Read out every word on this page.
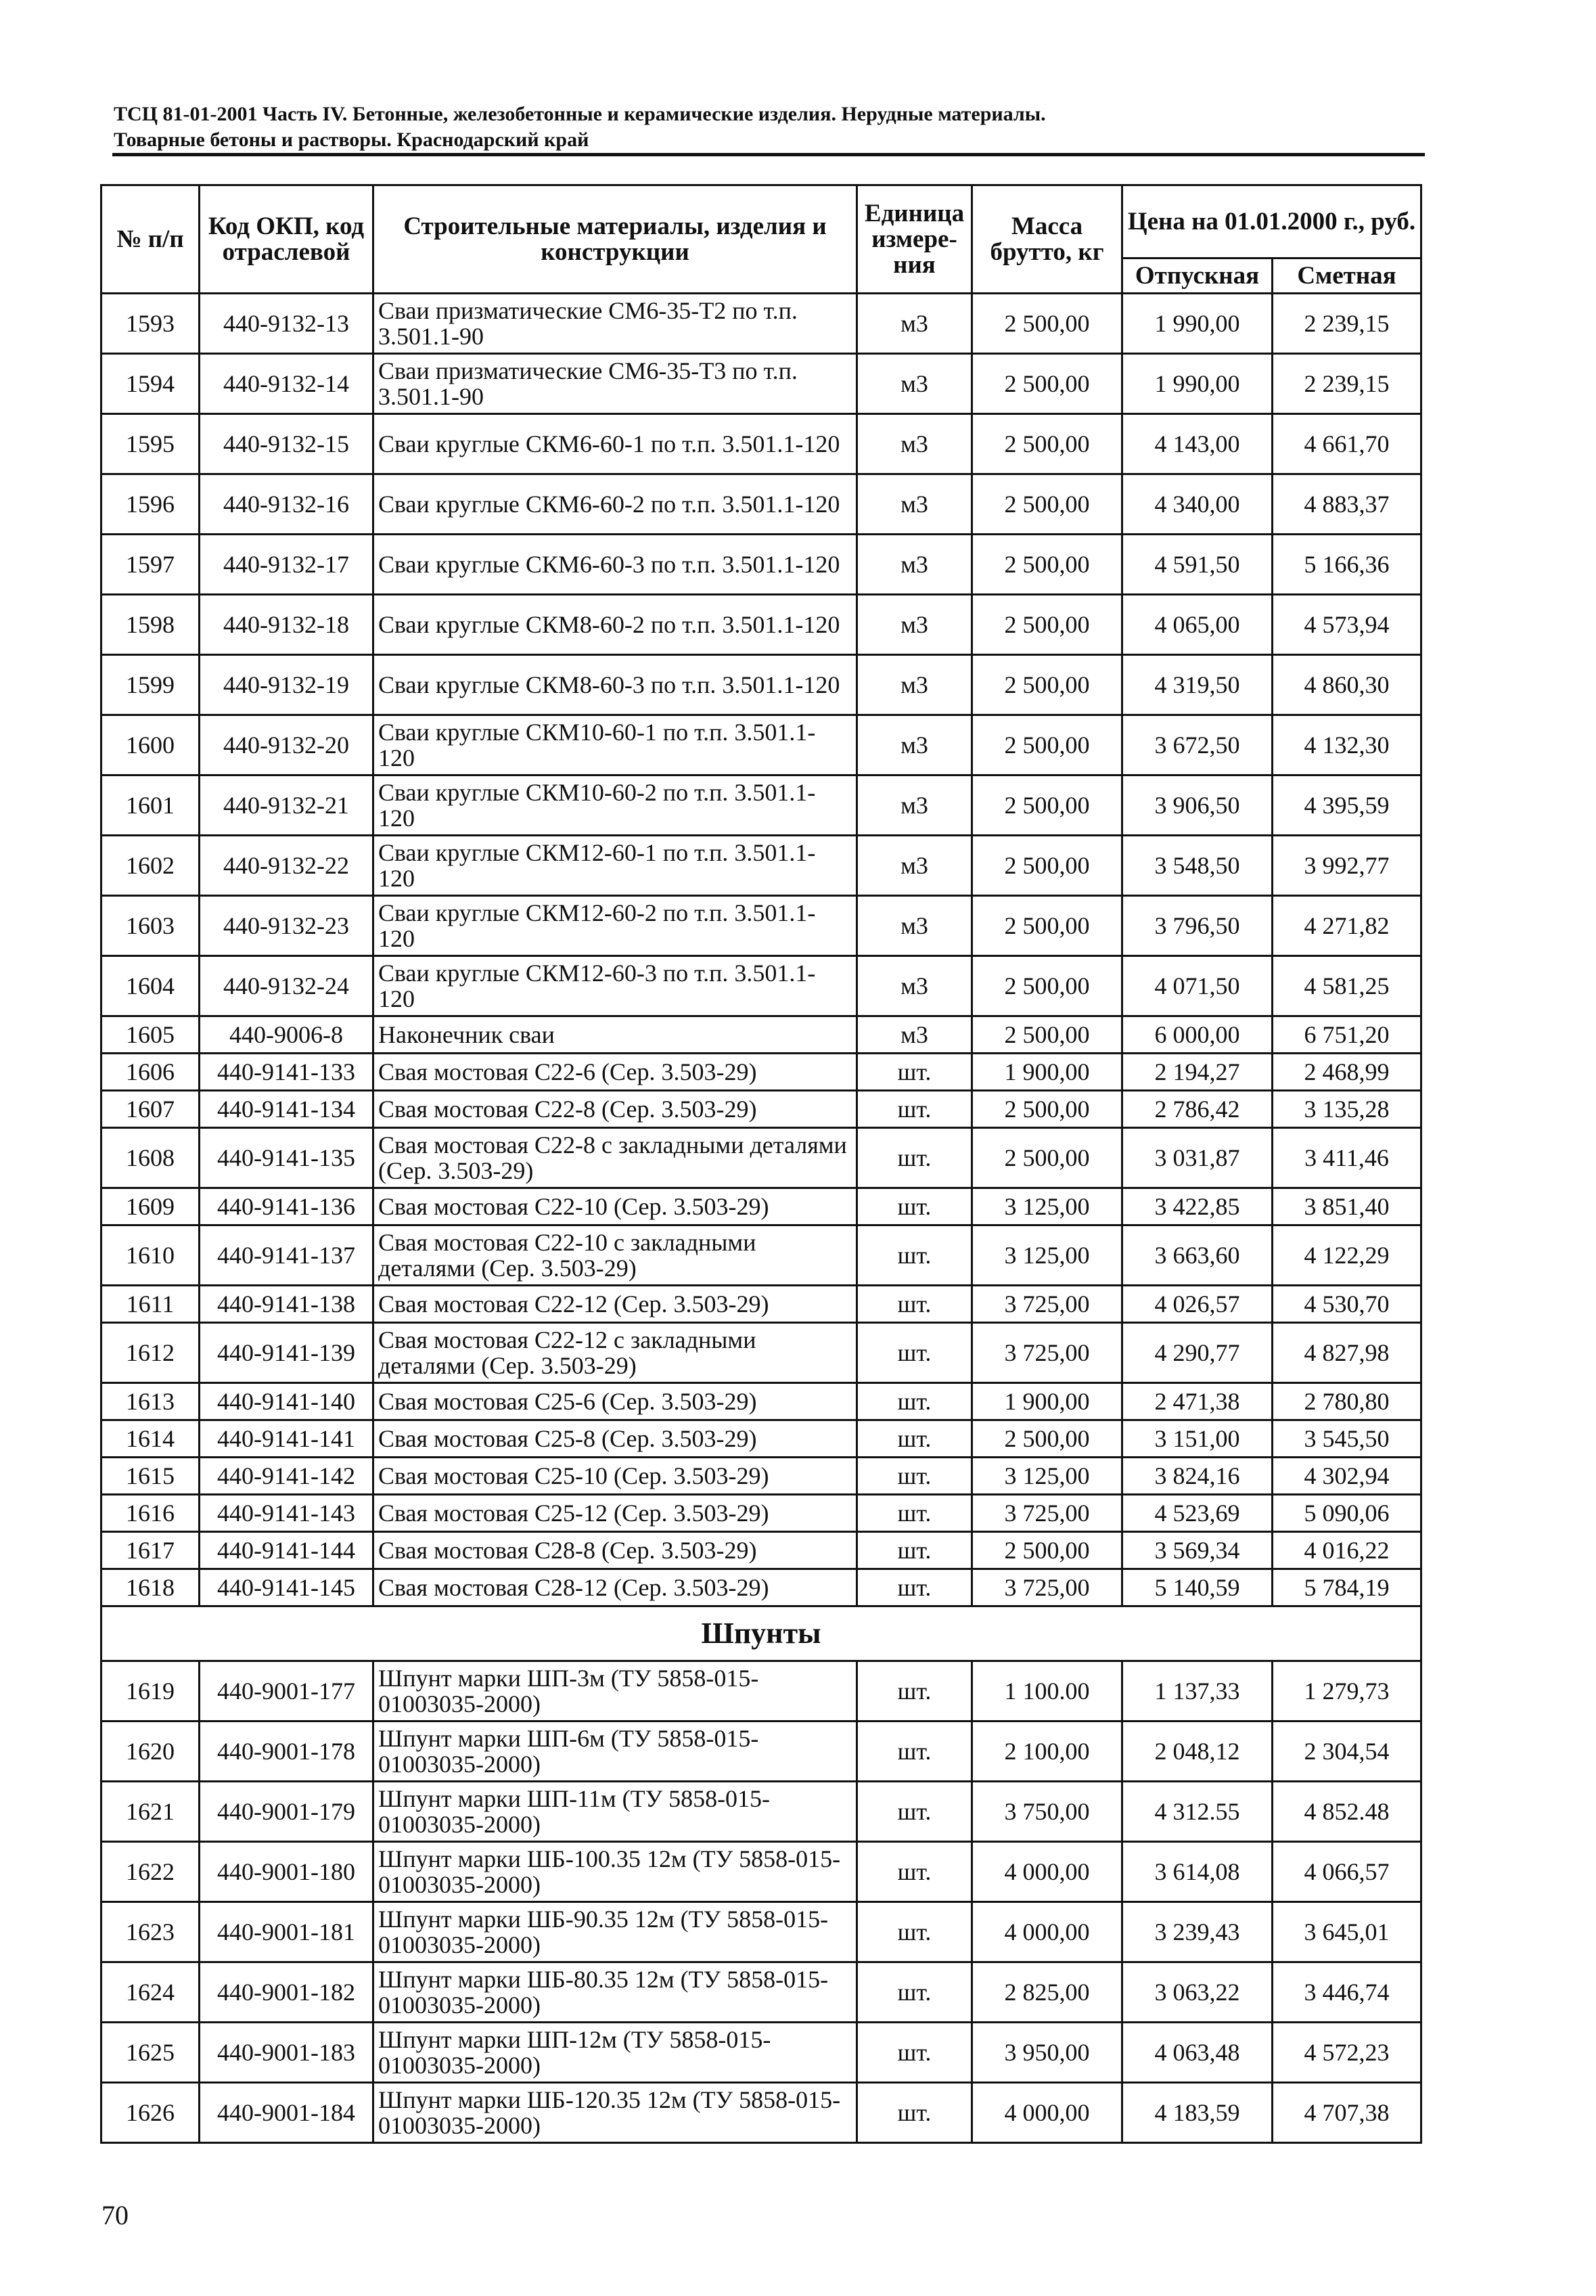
ТСЦ 81-01-2001 Часть IV. Бетонные, железобетонные и керамические изделия. Нерудные материалы.
Товарные бетоны и растворы. Краснодарский край
№ п/п	Код ОКП, код отраслевой	Строительные материалы, изделия и конструкции	Единица измере-ния	Масса брутто, кг	Цена на 01.01.2000 г., руб.	
					Отпускная	Сметная
1593	440-9132-13	Сваи призматические СМ6-35-Т2 по т.п. 3.501.1-90	м3	2 500,00	1 990,00	2 239,15
1594	440-9132-14	Сваи призматические СМ6-35-Т3 по т.п. 3.501.1-90	м3	2 500,00	1 990,00	2 239,15
1595	440-9132-15	Сваи круглые СКМ6-60-1 по т.п. 3.501.1-120	м3	2 500,00	4 143,00	4 661,70
1596	440-9132-16	Сваи круглые СКМ6-60-2 по т.п. 3.501.1-120	м3	2 500,00	4 340,00	4 883,37
1597	440-9132-17	Сваи круглые СКМ6-60-3 по т.п. 3.501.1-120	м3	2 500,00	4 591,50	5 166,36
1598	440-9132-18	Сваи круглые СКМ8-60-2 по т.п. 3.501.1-120	м3	2 500,00	4 065,00	4 573,94
1599	440-9132-19	Сваи круглые СКМ8-60-3 по т.п. 3.501.1-120	м3	2 500,00	4 319,50	4 860,30
1600	440-9132-20	Сваи круглые СКМ10-60-1 по т.п. 3.501.1-120	м3	2 500,00	3 672,50	4 132,30
1601	440-9132-21	Сваи круглые СКМ10-60-2 по т.п. 3.501.1-120	м3	2 500,00	3 906,50	4 395,59
1602	440-9132-22	Сваи круглые СКМ12-60-1 по т.п. 3.501.1-120	м3	2 500,00	3 548,50	3 992,77
1603	440-9132-23	Сваи круглые СКМ12-60-2 по т.п. 3.501.1-120	м3	2 500,00	3 796,50	4 271,82
1604	440-9132-24	Сваи круглые СКМ12-60-3 по т.п. 3.501.1-120	м3	2 500,00	4 071,50	4 581,25
1605	440-9006-8	Наконечник сваи	м3	2 500,00	6 000,00	6 751,20
1606	440-9141-133	Свая мостовая С22-6 (Сер. 3.503-29)	шт.	1 900,00	2 194,27	2 468,99
1607	440-9141-134	Свая мостовая С22-8 (Сер. 3.503-29)	шт.	2 500,00	2 786,42	3 135,28
1608	440-9141-135	Свая мостовая С22-8 с закладными деталями (Сер. 3.503-29)	шт.	2 500,00	3 031,87	3 411,46
1609	440-9141-136	Свая мостовая С22-10 (Сер. 3.503-29)	шт.	3 125,00	3 422,85	3 851,40
1610	440-9141-137	Свая мостовая С22-10 с закладными деталями (Сер. 3.503-29)	шт.	3 125,00	3 663,60	4 122,29
1611	440-9141-138	Свая мостовая С22-12 (Сер. 3.503-29)	шт.	3 725,00	4 026,57	4 530,70
1612	440-9141-139	Свая мостовая С22-12 с закладными деталями (Сер. 3.503-29)	шт.	3 725,00	4 290,77	4 827,98
1613	440-9141-140	Свая мостовая С25-6 (Сер. 3.503-29)	шт.	1 900,00	2 471,38	2 780,80
1614	440-9141-141	Свая мостовая С25-8 (Сер. 3.503-29)	шт.	2 500,00	3 151,00	3 545,50
1615	440-9141-142	Свая мостовая С25-10 (Сер. 3.503-29)	шт.	3 125,00	3 824,16	4 302,94
1616	440-9141-143	Свая мостовая С25-12 (Сер. 3.503-29)	шт.	3 725,00	4 523,69	5 090,06
1617	440-9141-144	Свая мостовая С28-8 (Сер. 3.503-29)	шт.	2 500,00	3 569,34	4 016,22
1618	440-9141-145	Свая мостовая С28-12 (Сер. 3.503-29)	шт.	3 725,00	5 140,59	5 784,19
Шпунты						
1619	440-9001-177	Шпунт марки ШП-3м (ТУ 5858-015-01003035-2000)	шт.	1 100.00	1 137,33	1 279,73
1620	440-9001-178	Шпунт марки ШП-6м (ТУ 5858-015-01003035-2000)	шт.	2 100,00	2 048,12	2 304,54
1621	440-9001-179	Шпунт марки ШП-11м (ТУ 5858-015-01003035-2000)	шт.	3 750,00	4 312.55	4 852.48
1622	440-9001-180	Шпунт марки ШБ-100.35 12м (ТУ 5858-015-01003035-2000)	шт.	4 000,00	3 614,08	4 066,57
1623	440-9001-181	Шпунт марки ШБ-90.35 12м (ТУ 5858-015-01003035-2000)	шт.	4 000,00	3 239,43	3 645,01
1624	440-9001-182	Шпунт марки ШБ-80.35 12м (ТУ 5858-015-01003035-2000)	шт.	2 825,00	3 063,22	3 446,74
1625	440-9001-183	Шпунт марки ШП-12м (ТУ 5858-015-01003035-2000)	шт.	3 950,00	4 063,48	4 572,23
1626	440-9001-184	Шпунт марки ШБ-120.35 12м (ТУ 5858-015-01003035-2000)	шт.	4 000,00	4 183,59	4 707,38
70
